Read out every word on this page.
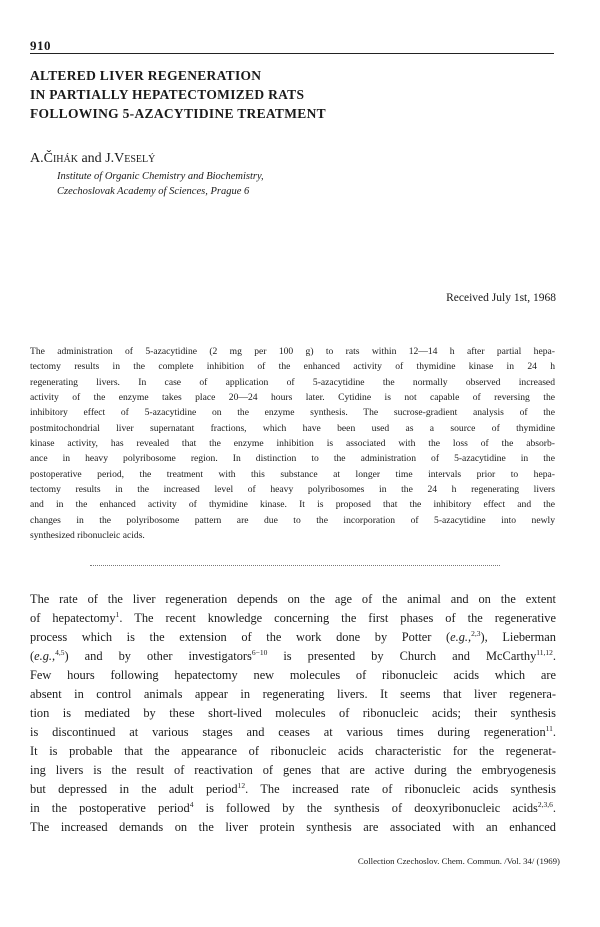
910
ALTERED LIVER REGENERATION
IN PARTIALLY HEPATECTOMIZED RATS
FOLLOWING 5-AZACYTIDINE TREATMENT
A.Čihák and J.Veselý
Institute of Organic Chemistry and Biochemistry,
Czechoslovak Academy of Sciences, Prague 6
Received July 1st, 1968
The administration of 5-azacytidine (2 mg per 100 g) to rats within 12—14 h after partial hepa-
tectomy results in the complete inhibition of the enhanced activity of thymidine kinase in 24 h
regenerating livers. In case of application of 5-azacytidine the normally observed increased
activity of the enzyme takes place 20—24 hours later. Cytidine is not capable of reversing the
inhibitory effect of 5-azacytidine on the enzyme synthesis. The sucrose-gradient analysis of the
postmitochondrial liver supernatant fractions, which have been used as a source of thymidine
kinase activity, has revealed that the enzyme inhibition is associated with the loss of the absorb-
ance in heavy polyribosome region. In distinction to the administration of 5-azacytidine in the
postoperative period, the treatment with this substance at longer time intervals prior to hepa-
tectomy results in the increased level of heavy polyribosomes in the 24 h regenerating livers
and in the enhanced activity of thymidine kinase. It is proposed that the inhibitory effect and the
changes in the polyribosome pattern are due to the incorporation of 5-azacytidine into newly
synthesized ribonucleic acids.
The rate of the liver regeneration depends on the age of the animal and on the extent
of hepatectomy$^1$. The recent knowledge concerning the first phases of the regenerative
process which is the extension of the work done by Potter (e.g.,$^{2,3}$), Lieberman
(e.g.,$^{4,5}$) and by other investigators$^{6-10}$ is presented by Church and McCarthy$^{11,12}$.
Few hours following hepatectomy new molecules of ribonucleic acids which are
absent in control animals appear in regenerating livers. It seems that liver regenera-
tion is mediated by these short-lived molecules of ribonucleic acids; their synthesis
is discontinued at various stages and ceases at various times during regeneration$^{11}$.
It is probable that the appearance of ribonucleic acids characteristic for the regenerat-
ing livers is the result of reactivation of genes that are active during the embryogenesis
but depressed in the adult period$^{12}$. The increased rate of ribonucleic acids synthesis
in the postoperative period$^4$ is followed by the synthesis of deoxyribonucleic acids$^{2,3,6}$.
The increased demands on the liver protein synthesis are associated with an enhanced
Collection Czechoslov. Chem. Commun. /Vol. 34/ (1969)
